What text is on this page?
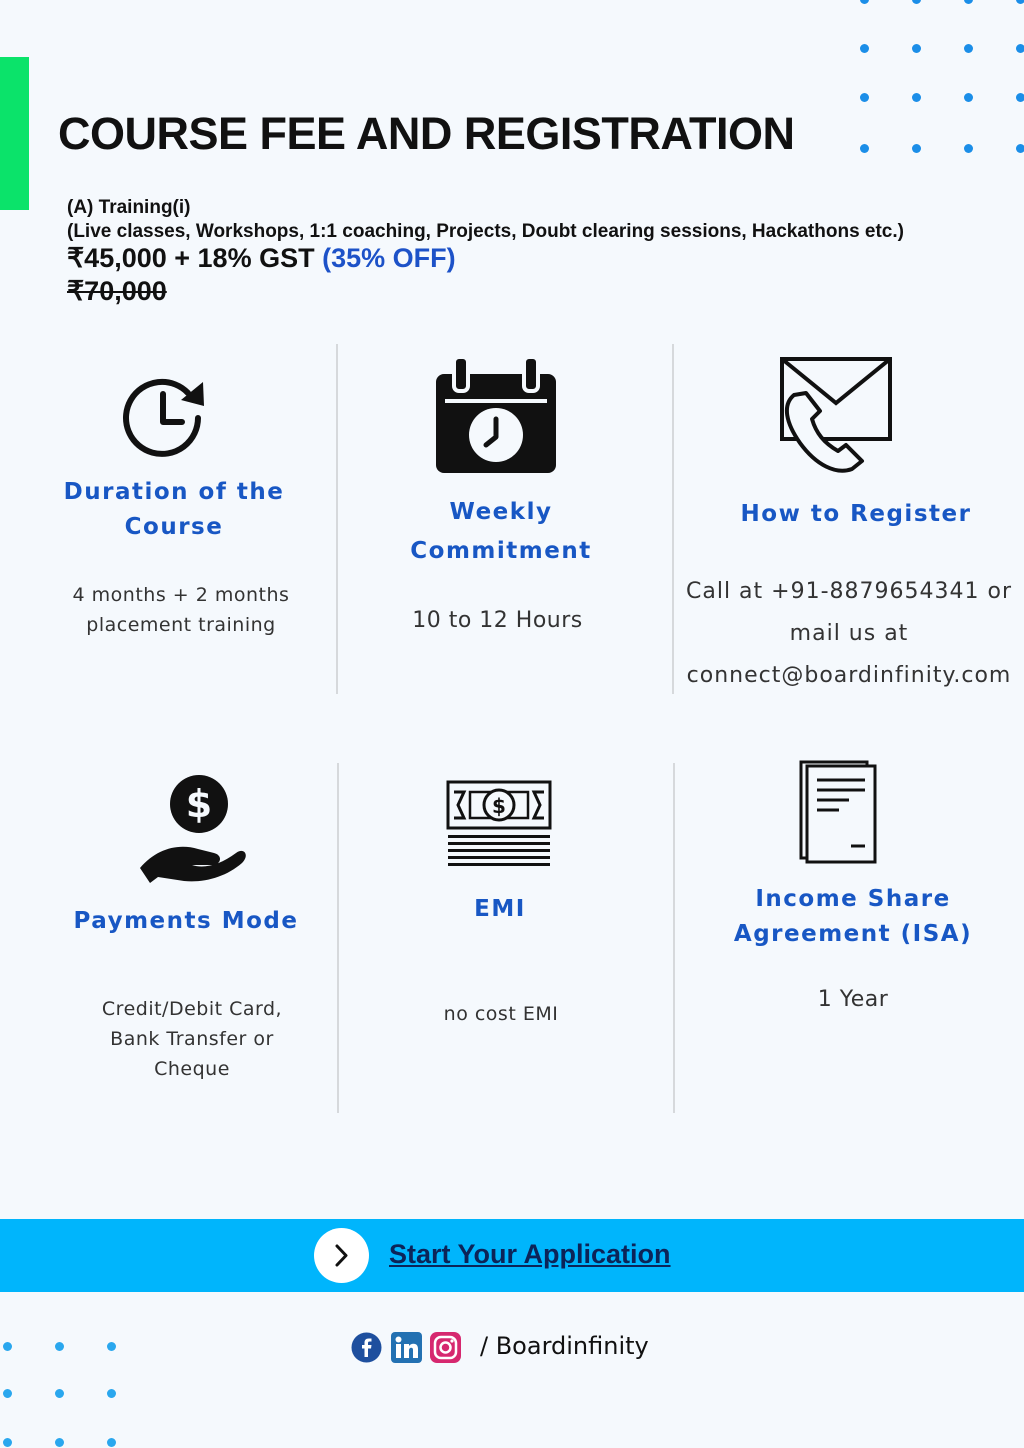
COURSE FEE AND REGISTRATION
(A) Training(i)
(Live classes, Workshops, 1:1 coaching, Projects, Doubt clearing sessions, Hackathons etc.)
₹45,000 + 18% GST (35% OFF)
₹70,000
Duration of the
Course
4 months + 2 months
placement training
Weekly
Commitment
10 to 12 Hours
How to Register
Call at +91-8879654341 or
mail us at
connect@boardinfinity.com
$
Payments Mode
Credit/Debit Card,
Bank Transfer or
Cheque
$
EMI
no cost EMI
Income Share
Agreement (ISA)
1 Year
Start Your Application
/ Boardinfinity
